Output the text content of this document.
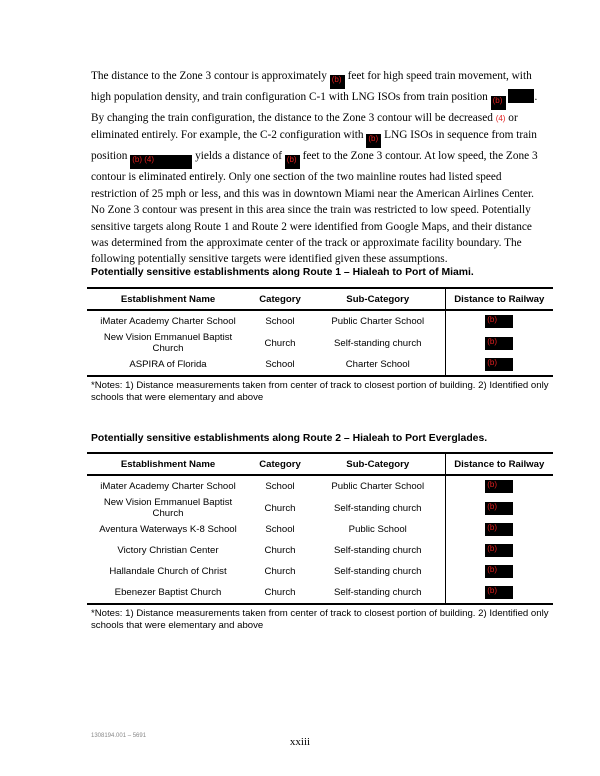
The distance to the Zone 3 contour is approximately (b) feet for high speed train movement, with high population density, and train configuration C-1 with LNG ISOs from train position (b)	. By changing the train configuration, the distance to the Zone 3 contour will be decreased (4) or eliminated entirely. For example, the C-2 configuration with (b) LNG ISOs in sequence from train position (b) (4)	yields a distance of (b) feet to the Zone 3 contour. At low speed, the Zone 3 contour is eliminated entirely. Only one section of the two mainline routes had listed speed restriction of 25 mph or less, and this was in downtown Miami near the American Airlines Center. No Zone 3 contour was present in this area since the train was restricted to low speed. Potentially sensitive targets along Route 1 and Route 2 were identified from Google Maps, and their distance was determined from the approximate center of the track or approximate facility boundary. The following potentially sensitive targets were identified given these assumptions.
Potentially sensitive establishments along Route 1 – Hialeah to Port of Miami.
Establishment Name	Category	Sub-Category	Distance to Railway
iMater Academy Charter School	School	Public Charter School	(b)
New Vision Emmanuel Baptist Church	Church	Self-standing church	(b)
ASPIRA of Florida	School	Charter School	(b)
*Notes: 1) Distance measurements taken from center of track to closest portion of building. 2) Identified only schools that were elementary and above
Potentially sensitive establishments along Route 2 – Hialeah to Port Everglades.
Establishment Name	Category	Sub-Category	Distance to Railway
iMater Academy Charter School	School	Public Charter School	(b)
New Vision Emmanuel Baptist Church	Church	Self-standing church	(b)
Aventura Waterways K-8 School	School	Public School	(b)
Victory Christian Center	Church	Self-standing church	(b)
Hallandale Church of Christ	Church	Self-standing church	(b)
Ebenezer Baptist Church	Church	Self-standing church	(b)
*Notes: 1) Distance measurements taken from center of track to closest portion of building. 2) Identified only schools that were elementary and above
1308194.001 – 5691	xxiii
